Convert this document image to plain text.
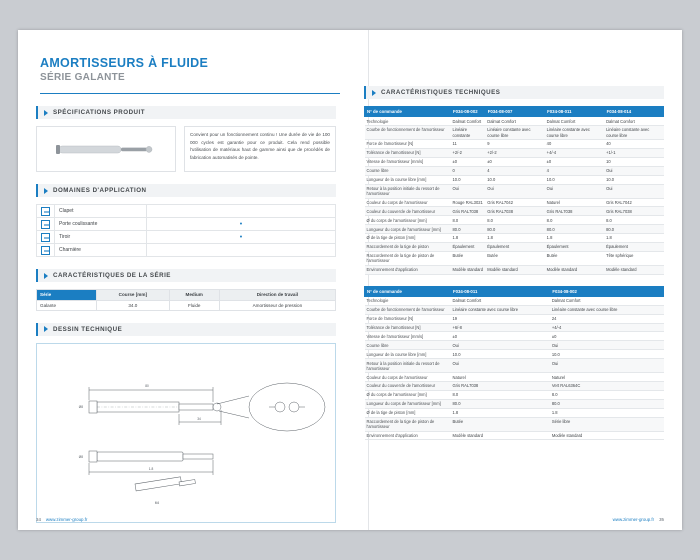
AMORTISSEURS À FLUIDE
SÉRIE GALANTE
SPÉCIFICATIONS PRODUIT
Convient pour un fonctionnement continu ! Une durée de vie de 100 000 cycles est garantie pour ce produit. Cela rend possible l'utilisation de matériaux haut de gamme ainsi que de procédés de fabrication automatisés de pointe.
DOMAINES D'APPLICATION
	Clapet	
	Porte coulissante	•
	Tiroir	•
	Charnière	
CARACTÉRISTIQUES DE LA SÉRIE
Série	Course [mm]	Medium	Direction de travail
Galante	34.0	Fluide	Amortisseur de pression
DESSIN TECHNIQUE
80
34
Ø8
1.8
Ø8
M4
34 www.zimmer-group.fr
CARACTÉRISTIQUES TECHNIQUES
N° de commande	F034-08-002	F034-08-007	F034-08-011	F034-08-014
Technologie	Dalmat Comfort	Dalmat Comfort	Dalmat Comfort	Dalmat Comfort
Courbe de fonctionnement de l'amortisseur	Linéaire constante	Linéaire constante avec course libre	Linéaire constante avec course libre	Linéaire constante avec course libre
Force de l'amortisseur [N]	11	9	40	40
Tolérance de l'amortisseur [N]	+2/-2	+2/-2	+4/-4	+1/-1
Vitesse de l'amortisseur [mm/s]	±0	±0	±0	10
Course libre	0	4	4	Oui
Longueur de la course libre [mm]	10.0	10.0	10.0	10.0
Retour à la position initiale du ressort de l'amortisseur	Oui	Oui	Oui	Oui
Couleur du corps de l'amortisseur	Rouge RAL3021	Gris RAL7042	Naturel	Gris RAL7042
Couleur du couvercle de l'amortisseur	Gris RAL7038	Gris RAL7038	Gris RAL7038	Gris RAL7038
Ø du corps de l'amortisseur [mm]	8.0	8.0	8.0	8.0
Longueur du corps de l'amortisseur [mm]	80.0	80.0	80.0	80.0
Ø de la tige de piston [mm]	1.8	1.8	1.8	1.8
Raccordement de la tige de piston	Épaulement	Épaulement	Épaulement	Épaulement
Raccordement de la tige de piston de l'amortisseur	Butée	Butée	Butée	Tête sphérique
Environnement d'application	Modèle standard	Modèle standard	Modèle standard	Modèle standard
N° de commande	F034-08-011	F034-08-002		
Technologie	Dalmat Comfort	Dalmat Comfort		
Courbe de fonctionnement de l'amortisseur	Linéaire constante avec course libre	Linéaire constante avec course libre		
Force de l'amortisseur [N]	19	24		
Tolérance de l'amortisseur [N]	+6/-8	+4/-4		
Vitesse de l'amortisseur [mm/s]	±0	±0		
Course libre	Oui	Oui		
Longueur de la course libre [mm]	10.0	10.0		
Retour à la position initiale du ressort de l'amortisseur	Oui	Oui		
Couleur du corps de l'amortisseur	Naturel	Naturel		
Couleur du couvercle de l'amortisseur	Gris RAL7038	Vert RAL6364C		
Ø du corps de l'amortisseur [mm]	8.0	8.0		
Longueur du corps de l'amortisseur [mm]	80.0	80.0		
Ø de la tige de piston [mm]	1.8	1.8		
Raccordement de la tige de piston de l'amortisseur	Butée	Série libre		
Environnement d'application	Modèle standard	Modèle standard		
www.zimmer-group.fr 35
